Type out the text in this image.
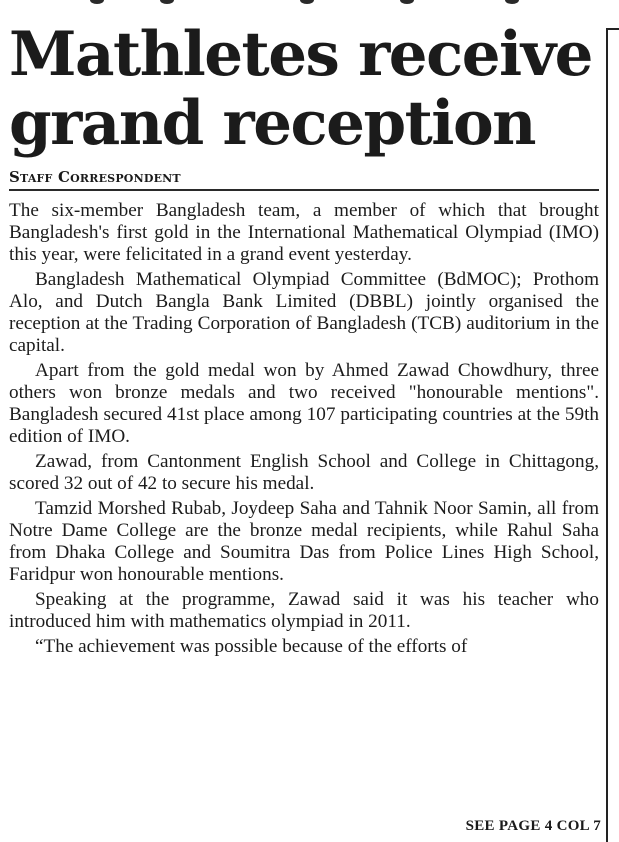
Mathletes receive
grand reception
Staff Correspondent

The six-member Bangladesh team, a member of which that brought Bangladesh's first gold in the International Mathematical Olympiad (IMO) this year, were felicitated in a grand event yesterday.

Bangladesh Mathematical Olympiad Committee (BdMOC); Prothom Alo, and Dutch Bangla Bank Limited (DBBL) jointly organised the reception at the Trading Corporation of Bangladesh (TCB) auditorium in the capital.

Apart from the gold medal won by Ahmed Zawad Chowdhury, three others won bronze medals and two received "honourable mentions". Bangladesh secured 41st place among 107 participating countries at the 59th edition of IMO.

Zawad, from Cantonment English School and College in Chittagong, scored 32 out of 42 to secure his medal.

Tamzid Morshed Rubab, Joydeep Saha and Tahnik Noor Samin, all from Notre Dame College are the bronze medal recipients, while Rahul Saha from Dhaka College and Soumitra Das from Police Lines High School, Faridpur won honourable mentions.

Speaking at the programme, Zawad said it was his teacher who introduced him with mathematics olympiad in 2011.

“The achievement was possible because of the efforts of

SEE PAGE 4 COL 7
